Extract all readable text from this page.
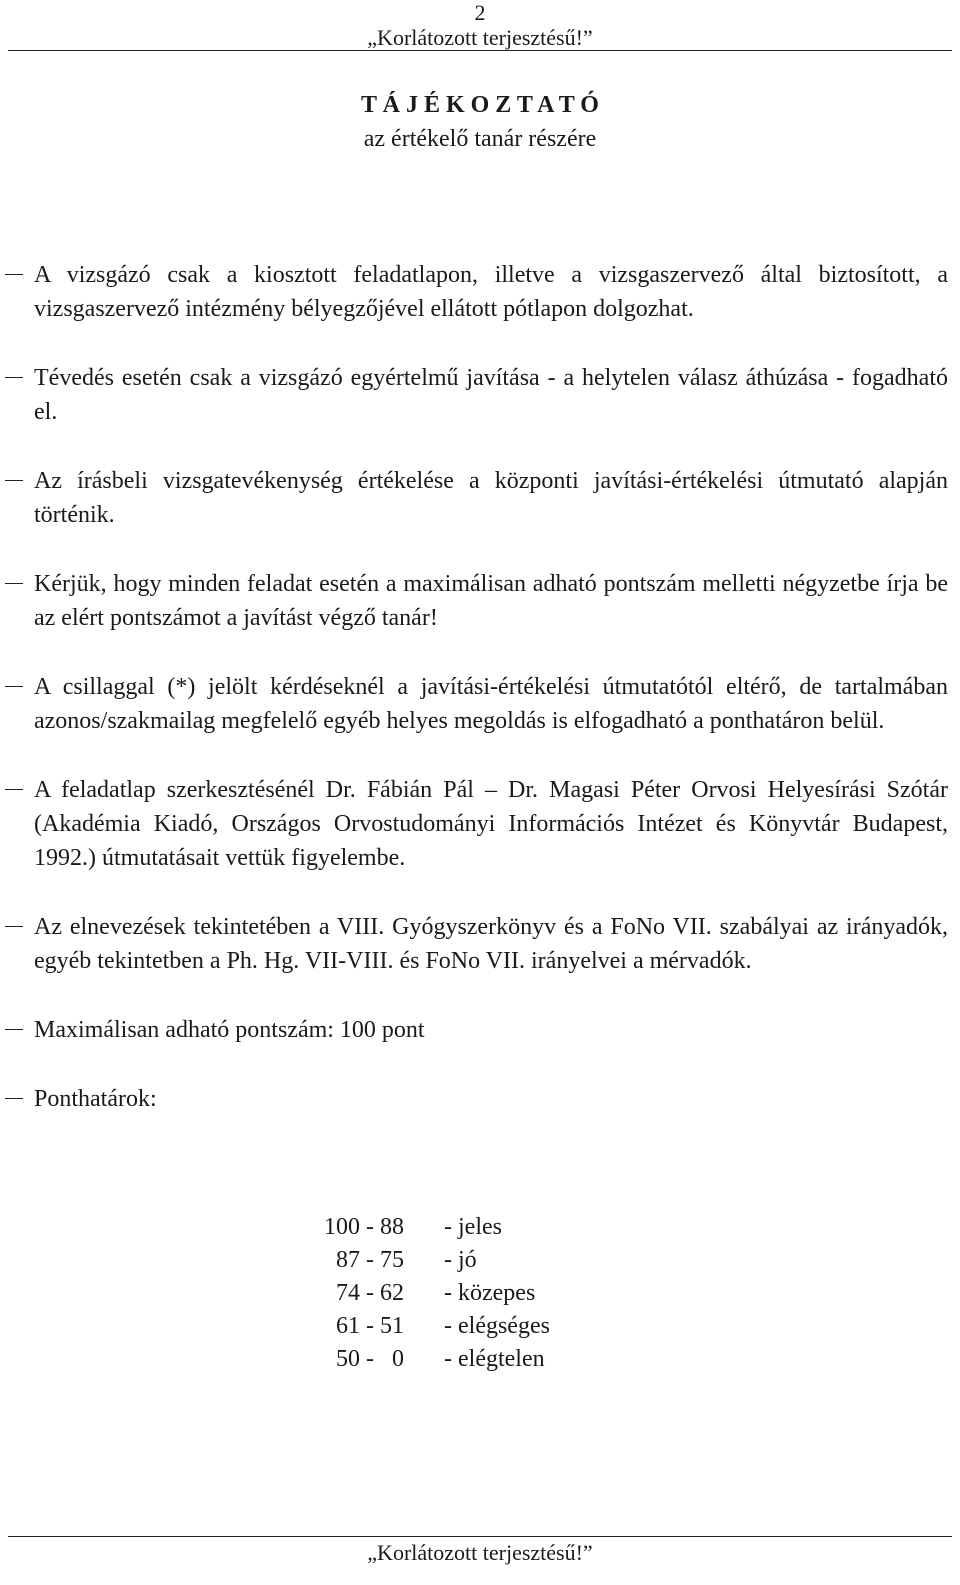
2
„Korlátozott terjesztésű!”
T Á J É K O Z T A T Ó
az értékelő tanár részére
A vizsgázó csak a kiosztott feladatlapon, illetve a vizsgaszervező által biztosított, a vizsgaszervező intézmény bélyegzőjével ellátott pótlapon dolgozhat.
Tévedés esetén csak a vizsgázó egyértelmű javítása - a helytelen válasz áthúzása - fogadható el.
Az írásbeli vizsgatevékenység értékelése a központi javítási-értékelési útmutató alapján történik.
Kérjük, hogy minden feladat esetén a maximálisan adható pontszám melletti négyzetbe írja be az elért pontszámot a javítást végző tanár!
A csillaggal (*) jelölt kérdéseknél a javítási-értékelési útmutatótól eltérő, de tartalmában azonos/szakmailag megfelelő egyéb helyes megoldás is elfogadható a ponthatáron belül.
A feladatlap szerkesztésénél Dr. Fábián Pál – Dr. Magasi Péter Orvosi Helyesírási Szótár (Akadémia Kiadó, Országos Orvostudományi Információs Intézet és Könyvtár Budapest, 1992.) útmutatásait vettük figyelembe.
Az elnevezések tekintetében a VIII. Gyógyszerkönyv és a FoNo VII. szabályai az irányadók, egyéb tekintetben a Ph. Hg. VII-VIII. és FoNo VII. irányelvei a mérvadók.
Maximálisan adható pontszám: 100 pont
Ponthatárok:
100 - 88		- jeles
87 - 75		- jó
74 - 62		- közepes
61 - 51		- elégséges
50 -   0		- elégtelen
„Korlátozott terjesztésű!”
